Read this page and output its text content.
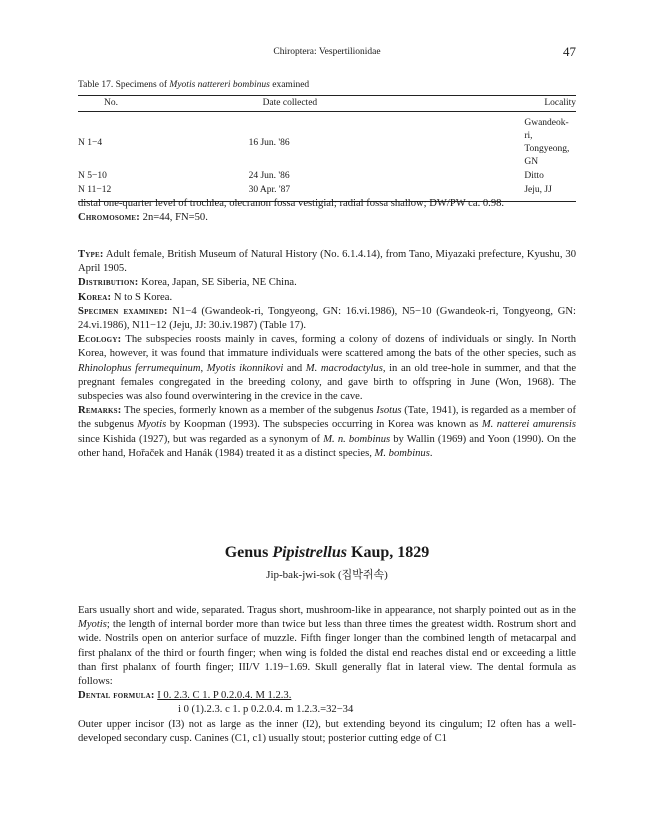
Chiroptera: Vespertilionidae	47
Table 17. Specimens of Myotis nattereri bombinus examined
No.	Date collected	Locality
N 1−4	16 Jun. '86	Gwandeok-ri, Tongyeong, GN
N 5−10	24 Jun. '86	Ditto
N 11−12	30 Apr. '87	Jeju, JJ

distal one-quarter level of trochlea, olecranon fossa vestigial; radial fossa shallow; DW/PW ca. 0.98.

Chromosome: 2n=44, FN=50.

Type: Adult female, British Museum of Natural History (No. 6.1.4.14), from Tano, Miyazaki prefecture, Kyushu, 30 April 1905.

Distribution: Korea, Japan, SE Siberia, NE China.

Korea: N to S Korea.

Specimen examined: N1−4 (Gwandeok-ri, Tongyeong, GN: 16.vi.1986), N5−10 (Gwandeok-ri, Tongyeong, GN: 24.vi.1986), N11−12 (Jeju, JJ: 30.iv.1987) (Table 17).

Ecology: The subspecies roosts mainly in caves, forming a colony of dozens of individuals or singly. In North Korea, however, it was found that immature individuals were scattered among the bats of the other species, such as Rhinolophus ferrumequinum, Myotis ikonnikovi and M. macrodactylus, in an old tree-hole in summer, and that the pregnant females congregated in the breeding colony, and gave birth to offspring in June (Won, 1968). The subspecies was also found overwintering in the crevice in the cave.

Remarks: The species, formerly known as a member of the subgenus Isotus (Tate, 1941), is regarded as a member of the subgenus Myotis by Koopman (1993). The subspecies occurring in Korea was known as M. natterei amurensis since Kishida (1927), but was regarded as a synonym of M. n. bombinus by Wallin (1969) and Yoon (1990). On the other hand, Hořaček and Hanák (1984) treated it as a distinct species, M. bombinus.

Genus Pipistrellus Kaup, 1829
Jip-bak-jwi-sok (집박쥐속)

Ears usually short and wide, separated. Tragus short, mushroom-like in appearance, not sharply pointed out as in the Myotis; the length of internal border more than twice but less than three times the greatest width. Rostrum short and wide. Nostrils open on anterior surface of muzzle. Fifth finger longer than the combined length of metacarpal and first phalanx of the third or fourth finger; when wing is folded the distal end reaches distal end or exceeding a little than first phalanx of fourth finger; III/V 1.19−1.69. Skull generally flat in lateral view. The dental formula as follows:

Dental formula: I 0. 2.3. C 1. P 0.2.0.4. M 1.2.3.

i 0 (1).2.3. c 1. p 0.2.0.4. m 1.2.3.=32−34

Outer upper incisor (I3) not as large as the inner (I2), but extending beyond its cingulum; I2 often has a well-developed secondary cusp. Canines (C1, c1) usually stout; posterior cutting edge of C1
